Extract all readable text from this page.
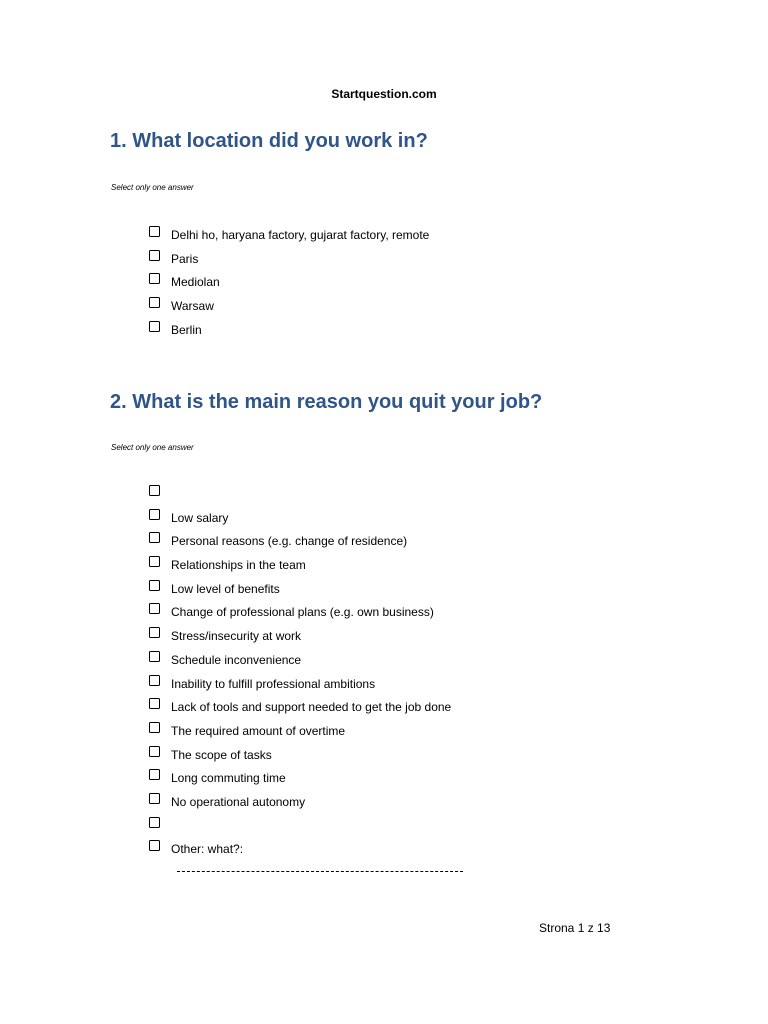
Startquestion.com
1. What location did you work in?
Select only one answer
Delhi ho, haryana factory, gujarat factory, remote
Paris
Mediolan
Warsaw
Berlin
2. What is the main reason you quit your job?
Select only one answer
Low salary
Personal reasons (e.g. change of residence)
Relationships in the team
Low level of benefits
Change of professional plans (e.g. own business)
Stress/insecurity at work
Schedule inconvenience
Inability to fulfill professional ambitions
Lack of tools and support needed to get the job done
The required amount of overtime
The scope of tasks
Long commuting time
No operational autonomy
Other: what?:
Strona 1 z 13
